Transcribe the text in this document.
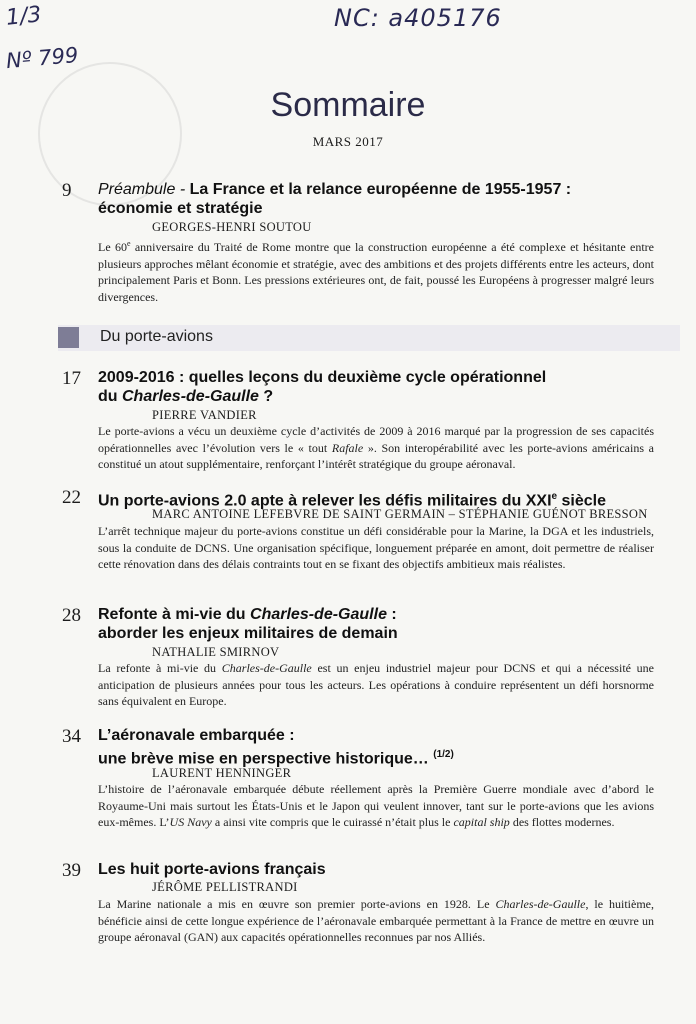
1/3
Nº 799
NC: a405176
Sommaire
MARS 2017
9 Préambule - La France et la relance européenne de 1955-1957 :
économie et stratégie
GEORGES-HENRI SOUTOU
Le 60e anniversaire du Traité de Rome montre que la construction européenne a été complexe et hésitante entre plusieurs approches mêlant économie et stratégie, avec des ambitions et des projets différents entre les acteurs, dont principalement Paris et Bonn. Les pressions extérieures ont, de fait, poussé les Européens à progresser malgré leurs divergences.
Du porte-avions
17 2009-2016 : quelles leçons du deuxième cycle opérationnel
du Charles-de-Gaulle ?
PIERRE VANDIER
Le porte-avions a vécu un deuxième cycle d’activités de 2009 à 2016 marqué par la progression de ses capacités opérationnelles avec l’évolution vers le « tout Rafale ». Son interopérabilité avec les porte-avions américains a constitué un atout supplémentaire, renforçant l’intérêt stratégique du groupe aéronaval.
22 Un porte-avions 2.0 apte à relever les défis militaires du XXIe siècle
MARC ANTOINE LEFEBVRE DE SAINT GERMAIN – STÉPHANIE GUÉNOT BRESSON
L’arrêt technique majeur du porte-avions constitue un défi considérable pour la Marine, la DGA et les industriels, sous la conduite de DCNS. Une organisation spécifique, longuement préparée en amont, doit permettre de réaliser cette rénovation dans des délais contraints tout en se fixant des objectifs ambitieux mais réalistes.
28 Refonte à mi-vie du Charles-de-Gaulle :
aborder les enjeux militaires de demain
NATHALIE SMIRNOV
La refonte à mi-vie du Charles-de-Gaulle est un enjeu industriel majeur pour DCNS et qui a nécessité une anticipation de plusieurs années pour tous les acteurs. Les opérations à conduire représentent un défi horsnorme sans équivalent en Europe.
34 L’aéronavale embarquée :
une brève mise en perspective historique… $^{(1/2)}$
LAURENT HENNINGER
L’histoire de l’aéronavale embarquée débute réellement après la Première Guerre mondiale avec d’abord le Royaume-Uni mais surtout les États-Unis et le Japon qui veulent innover, tant sur le porte-avions que les avions eux-mêmes. L’US Navy a ainsi vite compris que le cuirassé n’était plus le capital ship des flottes modernes.
39 Les huit porte-avions français
JÉRÔME PELLISTRANDI
La Marine nationale a mis en œuvre son premier porte-avions en 1928. Le Charles-de-Gaulle, le huitième, bénéficie ainsi de cette longue expérience de l’aéronavale embarquée permettant à la France de mettre en œuvre un groupe aéronaval (GAN) aux capacités opérationnelles reconnues par nos Alliés.
